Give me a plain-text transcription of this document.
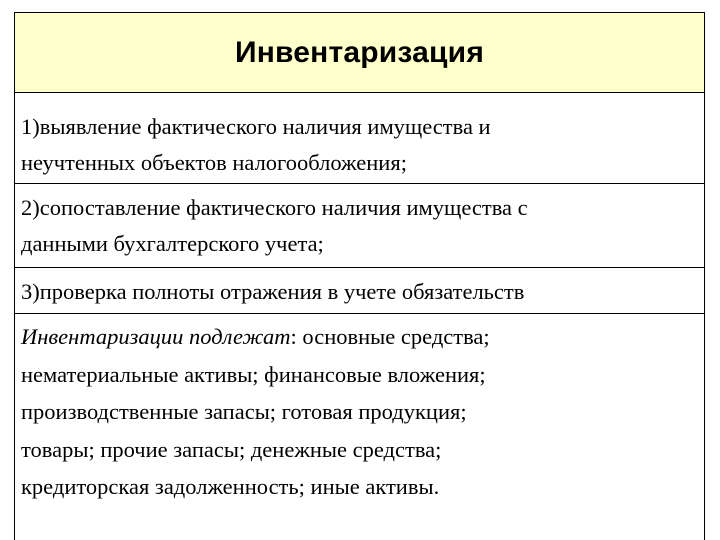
Инвентаризация
1)выявление фактического наличия имущества и
неучтенных объектов налогообложения;
2)сопоставление фактического наличия имущества с
данными бухгалтерского учета;
3)проверка полноты отражения в учете обязательств
Инвентаризации подлежат: основные средства;
нематериальные активы; финансовые вложения;
производственные запасы; готовая продукция;
товары; прочие запасы; денежные средства;
кредиторская задолженность; иные активы.
